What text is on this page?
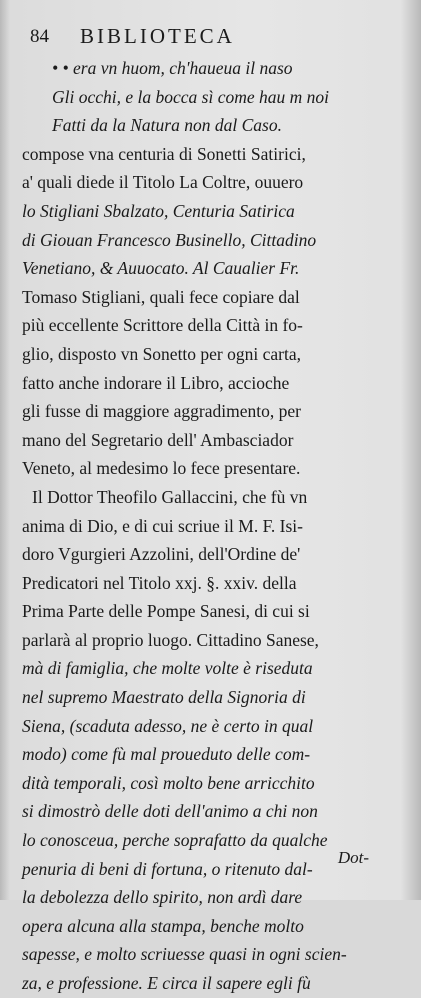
84 BIBLIOTECA
• • era vn huom, ch'haueua il naso
Gli occhi, e la bocca sì come hau m noi
Fatti da la Natura non dal Caso.
compose vna centuria di Sonetti Satirici,
a' quali diede il Titolo La Coltre, ouuero
lo Stigliani Sbalzato, Centuria Satirica
di Giouan Francesco Businello, Cittadino
Venetiano, & Auuocato. Al Caualier Fr.
Tomaso Stigliani, quali fece copiare dal
più eccellente Scrittore della Città in fo-
glio, disposto vn Sonetto per ogni carta,
fatto anche indorare il Libro, accioche
gli fusse di maggiore aggradimento, per
mano del Segretario dell' Ambasciador
Veneto, al medesimo lo fece presentare.
Il Dottor Theofilo Gallaccini, che fù vn
anima di Dio, e di cui scriue il M. F. Isi-
doro Vgurgieri Azzolini, dell'Ordine de'
Predicatori nel Titolo xxj. §. xxiv. della
Prima Parte delle Pompe Sanesi, di cui si
parlarà al proprio luogo. Cittadino Sanese,
mà di famiglia, che molte volte è riseduta
nel supremo Maestrato della Signoria di
Siena, (scaduta adesso, ne è certo in qual
modo) come fù mal proueduto delle com-
dità temporali, così molto bene arricchito
si dimostrò delle doti dell'animo a chi non
lo conosceua, perche soprafatto da qualche
penuria di beni di fortuna, o ritenuto dal-
la debolezza dello spirito, non ardì dare
opera alcuna alla stampa, benche molto
sapesse, e molto scriuesse quasi in ogni scien-
za, e professione. E circa il sapere egli fù
Dot-
